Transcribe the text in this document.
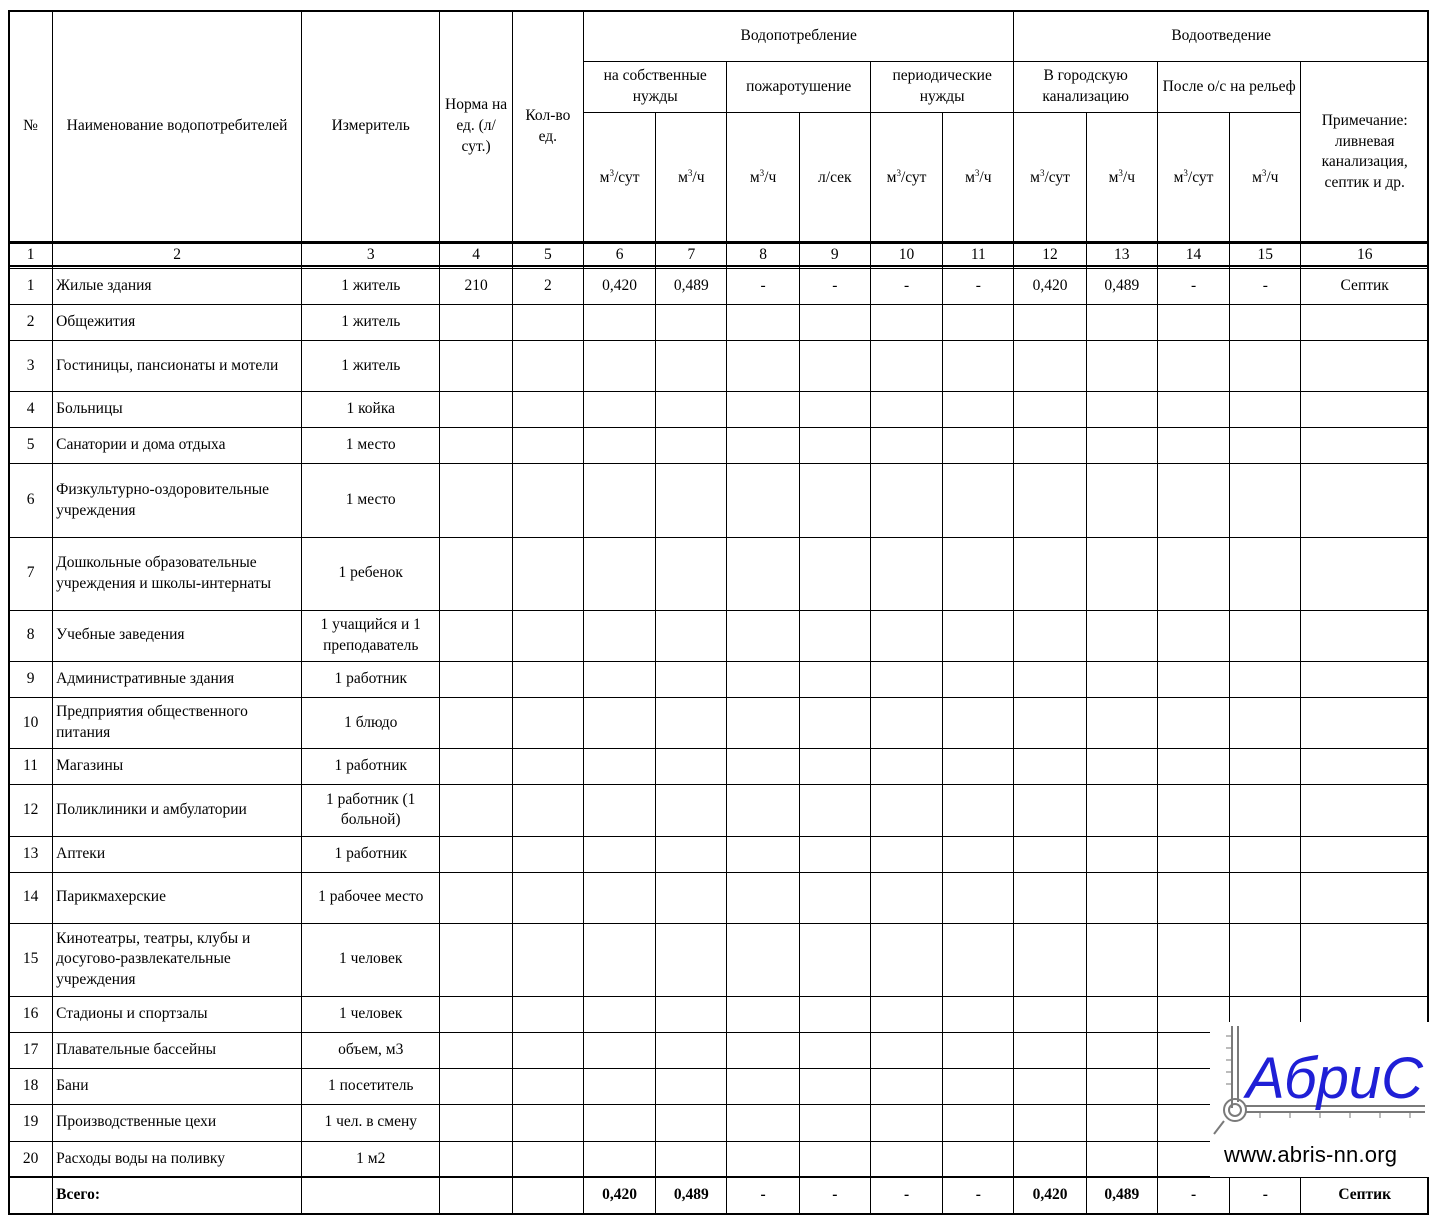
№	Наименование водопотребителей	Измеритель	Норма на ед. (л/сут.)	Кол-во ед.	Водопотребление						Водоотведение				
					на собственные нужды		пожаротушение		периодические нужды		В городскую канализацию		После о/с на рельеф		Примечание: ливневая канализация, септик и др.
					$м^3$/сут	$м^3/ч$	$м^3/ч$	л/сек	$м^3$/сут	$м^3/ч$	$м^3$/сут	$м^3/ч$	$м^3$/сут	$м^3/ч$	
1	2	3	4	5	6	7	8	9	10	11	12	13	14	15	16
1	Жилые здания	1 житель	210	2	0,420	0,489	-	-	-	-	0,420	0,489	-	-	Септик
2	Общежития	1 житель													
3	Гостиницы, пансионаты и мотели	1 житель													
4	Больницы	1 койка													
5	Санатории и дома отдыха	1 место													
6	Физкультурно-оздоровительные учреждения	1 место													
7	Дошкольные образовательные учреждения и школы-интернаты	1 ребенок													
8	Учебные заведения	1 учащийся и 1 преподаватель													
9	Административные здания	1 работник													
10	Предприятия общественного питания	1 блюдо													
11	Магазины	1 работник													
12	Поликлиники и амбулатории	1 работник (1 больной)													
13	Аптеки	1 работник													
14	Парикмахерские	1 рабочее место													
15	Кинотеатры, театры, клубы и досугово-развлекательные учреждения	1 человек													
16	Стадионы и спортзалы	1 человек													
17	Плавательные бассейны	объем, м3													
18	Бани	1 посетитель													
19	Производственные цехи	1 чел. в смену													
20	Расходы воды на поливку	1 м2													
	Всего:				0,420	0,489	-	-	-	-	0,420	0,489	-	-	Септик
АбриС
www.abris-nn.org
